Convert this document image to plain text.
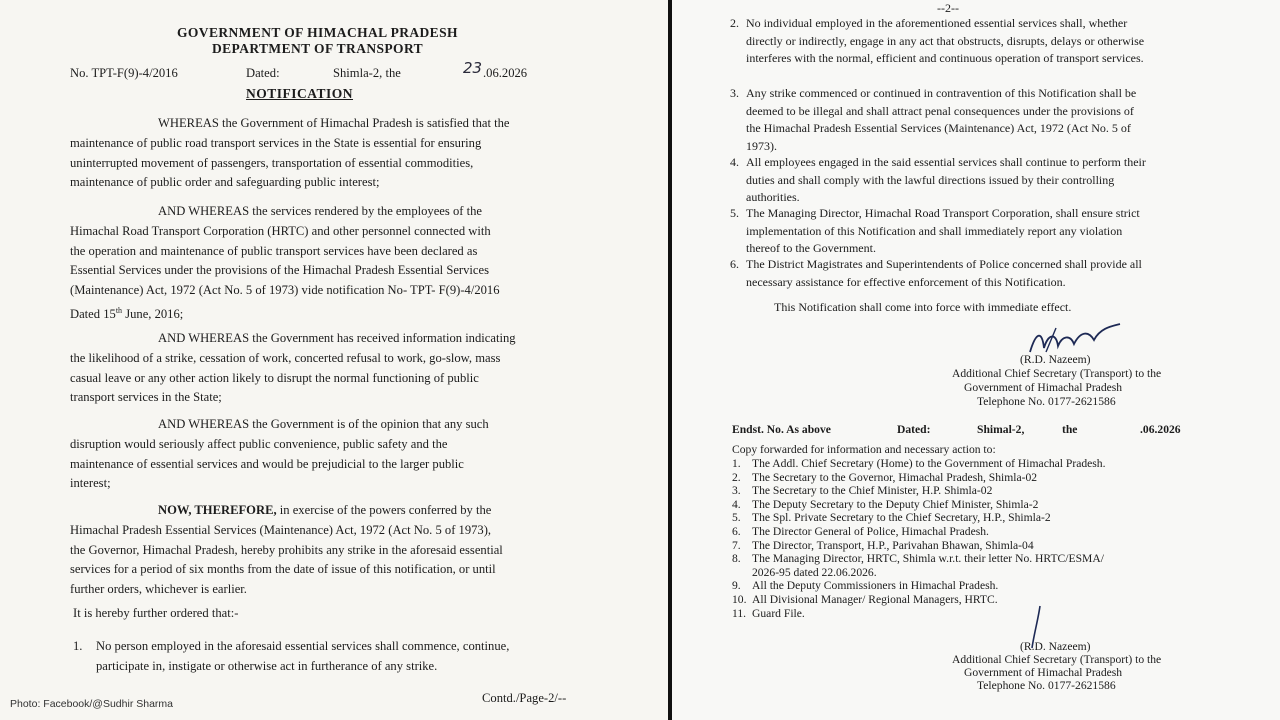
GOVERNMENT OF HIMACHAL PRADESH
DEPARTMENT OF TRANSPORT
No. TPT-F(9)-4/2016	Dated:	Shimla-2, the	23 .06.2026
NOTIFICATION
WHEREAS the Government of Himachal Pradesh is satisfied that the
maintenance of public road transport services in the State is essential for ensuring
uninterrupted movement of passengers, transportation of essential commodities,
maintenance of public order and safeguarding public interest;
AND WHEREAS the services rendered by the employees of the
Himachal Road Transport Corporation (HRTC) and other personnel connected with
the operation and maintenance of public transport services have been declared as
Essential Services under the provisions of the Himachal Pradesh Essential Services
(Maintenance) Act, 1972 (Act No. 5 of 1973) vide notification No- TPT- F(9)-4/2016
Dated 15th June, 2016;
AND WHEREAS the Government has received information indicating
the likelihood of a strike, cessation of work, concerted refusal to work, go-slow, mass
casual leave or any other action likely to disrupt the normal functioning of public
transport services in the State;
AND WHEREAS the Government is of the opinion that any such
disruption would seriously affect public convenience, public safety and the
maintenance of essential services and would be prejudicial to the larger public
interest;
NOW, THEREFORE, in exercise of the powers conferred by the
Himachal Pradesh Essential Services (Maintenance) Act, 1972 (Act No. 5 of 1973),
the Governor, Himachal Pradesh, hereby prohibits any strike in the aforesaid essential
services for a period of six months from the date of issue of this notification, or until
further orders, whichever is earlier.
It is hereby further ordered that:-
1. No person employed in the aforesaid essential services shall commence, continue,
participate in, instigate or otherwise act in furtherance of any strike.
Contd./Page-2/--
Photo: Facebook/@Sudhir Sharma
--2--
2. No individual employed in the aforementioned essential services shall, whether
directly or indirectly, engage in any act that obstructs, disrupts, delays or otherwise
interferes with the normal, efficient and continuous operation of transport services.
3. Any strike commenced or continued in contravention of this Notification shall be
deemed to be illegal and shall attract penal consequences under the provisions of
the Himachal Pradesh Essential Services (Maintenance) Act, 1972 (Act No. 5 of
1973).
4. All employees engaged in the said essential services shall continue to perform their
duties and shall comply with the lawful directions issued by their controlling
authorities.
5. The Managing Director, Himachal Road Transport Corporation, shall ensure strict
implementation of this Notification and shall immediately report any violation
thereof to the Government.
6. The District Magistrates and Superintendents of Police concerned shall provide all
necessary assistance for effective enforcement of this Notification.
This Notification shall come into force with immediate effect.
(R.D. Nazeem)
Additional Chief Secretary (Transport) to the
Government of Himachal Pradesh
Telephone No. 0177-2621586
Endst. No. As above	Dated:	Shimal-2,	the	.06.2026
Copy forwarded for information and necessary action to:
1. The Addl. Chief Secretary (Home) to the Government of Himachal Pradesh.
2. The Secretary to the Governor, Himachal Pradesh, Shimla-02
3. The Secretary to the Chief Minister, H.P. Shimla-02
4. The Deputy Secretary to the Deputy Chief Minister, Shimla-2
5. The Spl. Private Secretary to the Chief Secretary, H.P., Shimla-2
6. The Director General of Police, Himachal Pradesh.
7. The Director, Transport, H.P., Parivahan Bhawan, Shimla-04
8. The Managing Director, HRTC, Shimla w.r.t. their letter No. HRTC/ESMA/
2026-95 dated 22.06.2026.
9. All the Deputy Commissioners in Himachal Pradesh.
10. All Divisional Manager/ Regional Managers, HRTC.
11. Guard File.
(R.D. Nazeem)
Additional Chief Secretary (Transport) to the
Government of Himachal Pradesh
Telephone No. 0177-2621586
